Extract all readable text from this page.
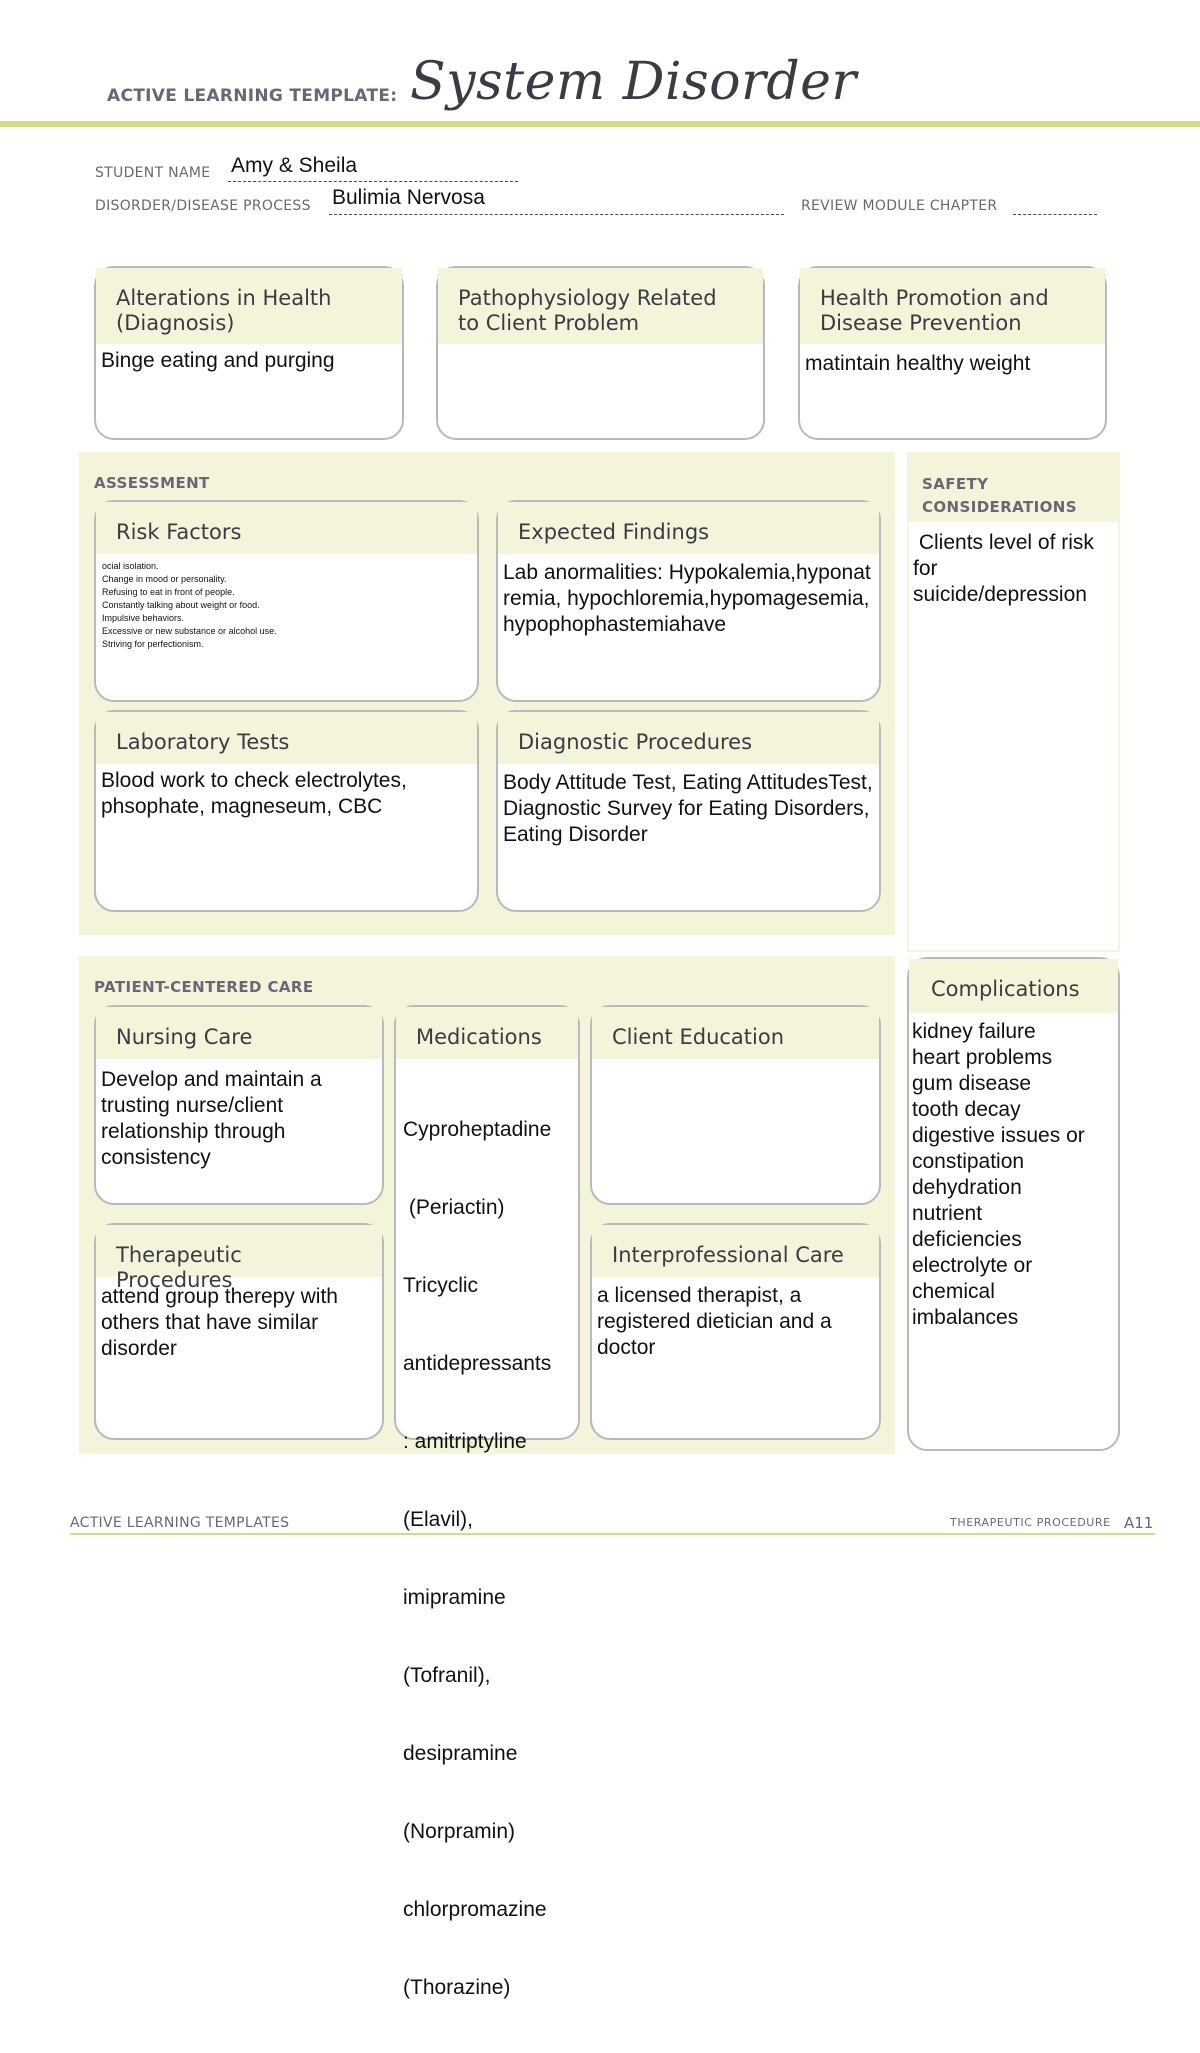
ACTIVE LEARNING TEMPLATE: System Disorder
STUDENT NAME Amy & Sheila
DISORDER/DISEASE PROCESS Bulimia Nervosa	REVIEW MODULE CHAPTER
Alterations in Health (Diagnosis)
Binge eating and purging
Pathophysiology Related to Client Problem
Health Promotion and Disease Prevention
matintain healthy weight
ASSESSMENT
Risk Factors
ocial isolation.
Change in mood or personality.
Refusing to eat in front of people.
Constantly talking about weight or food.
Impulsive behaviors.
Excessive or new substance or alcohol use.
Striving for perfectionism.
Expected Findings
Lab anormalities: Hypokalemia,hyponatremia, hypochloremia,hypomagesemia,hypophophastemiahave
Laboratory Tests
Blood work to check electrolytes, phsophate, magneseum, CBC
Diagnostic Procedures
Body Attitude Test, Eating AttitudesTest, Diagnostic Survey for Eating Disorders, Eating Disorder
Clients level of risk for suicide/depression
SAFETY CONSIDERATIONS
PATIENT-CENTERED CARE
Nursing Care
Develop and maintain a trusting nurse/client relationship through consistency
Medications

Cyproheptadine

(Periactin)

Tricyclic

antidepressants

: amitriptyline

(Elavil),

imipramine

(Tofranil),

desipramine

(Norpramin)

chlorpromazine

(Thorazine)

Client Education
Therapeutic Procedures
attend group therepy with others that have similar disorder
Interprofessional Care
a licensed therapist, a registered dietician and a doctor
Complications
kidney failure
heart problems
gum disease
tooth decay
digestive issues or
constipation
dehydration
nutrient
deficiencies
electrolyte or
chemical
imbalances
ACTIVE LEARNING TEMPLATES	THERAPEUTIC PROCEDURE A11
